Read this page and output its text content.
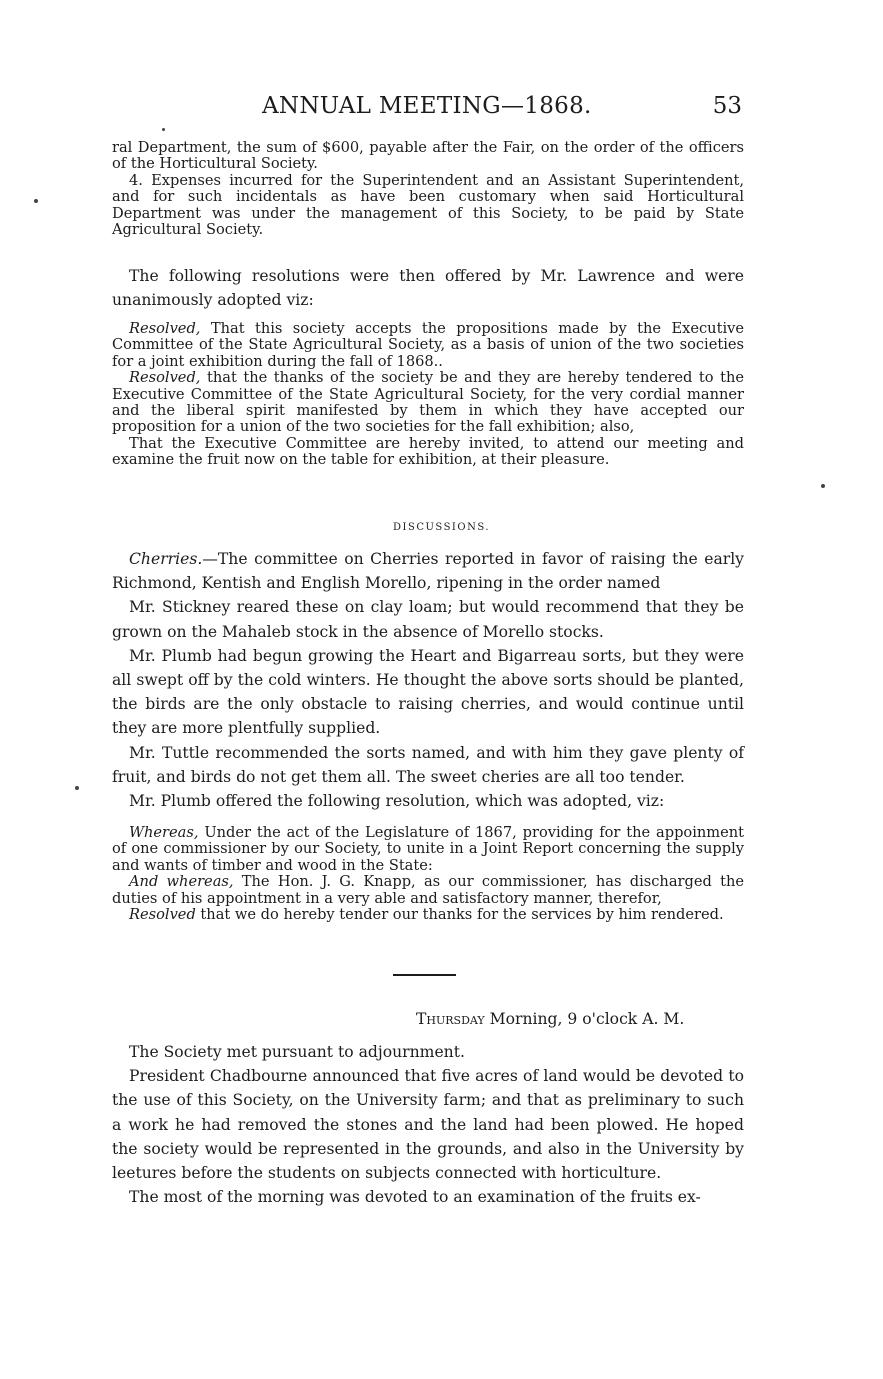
ANNUAL MEETING—1868.	53

ral Department, the sum of $600, payable after the Fair, on the order of the officers of the Horticultural Society.

4. Expenses incurred for the Superintendent and an Assistant Superintendent, and for such incidentals as have been customary when said Horticultural Department was under the management of this Society, to be paid by State Agricultural Society.

The following resolutions were then offered by Mr. Lawrence and were unanimously adopted viz:

Resolved, That this society accepts the propositions made by the Executive Committee of the State Agricultural Society, as a basis of union of the two societies for a joint exhibition during the fall of 1868..

Resolved, that the thanks of the society be and they are hereby tendered to the Executive Committee of the State Agricultural Society, for the very cordial manner and the liberal spirit manifested by them in which they have accepted our proposition for a union of the two societies for the fall exhibition; also,

That the Executive Committee are hereby invited, to attend our meeting and examine the fruit now on the table for exhibition, at their pleasure.

DISCUSSIONS.

Cherries.—The committee on Cherries reported in favor of raising the early Richmond, Kentish and English Morello, ripening in the order named

Mr. Stickney reared these on clay loam; but would recommend that they be grown on the Mahaleb stock in the absence of Morello stocks.

Mr. Plumb had begun growing the Heart and Bigarreau sorts, but they were all swept off by the cold winters. He thought the above sorts should be planted, the birds are the only obstacle to raising cherries, and would continue until they are more plentfully supplied.

Mr. Tuttle recommended the sorts named, and with him they gave plenty of fruit, and birds do not get them all. The sweet cheries are all too tender.

Mr. Plumb offered the following resolution, which was adopted, viz:

Whereas, Under the act of the Legislature of 1867, providing for the appoinment of one commissioner by our Society, to unite in a Joint Report concerning the supply and wants of timber and wood in the State:

And whereas, The Hon. J. G. Knapp, as our commissioner, has discharged the duties of his appointment in a very able and satisfactory manner, therefor,

Resolved that we do hereby tender our thanks for the services by him rendered.

Thursday Morning, 9 o'clock A. M.

The Society met pursuant to adjournment.

President Chadbourne announced that five acres of land would be devoted to the use of this Society, on the University farm; and that as preliminary to such a work he had removed the stones and the land had been plowed. He hoped the society would be represented in the grounds, and also in the University by leetures before the students on subjects connected with horticulture.

The most of the morning was devoted to an examination of the fruits ex-
